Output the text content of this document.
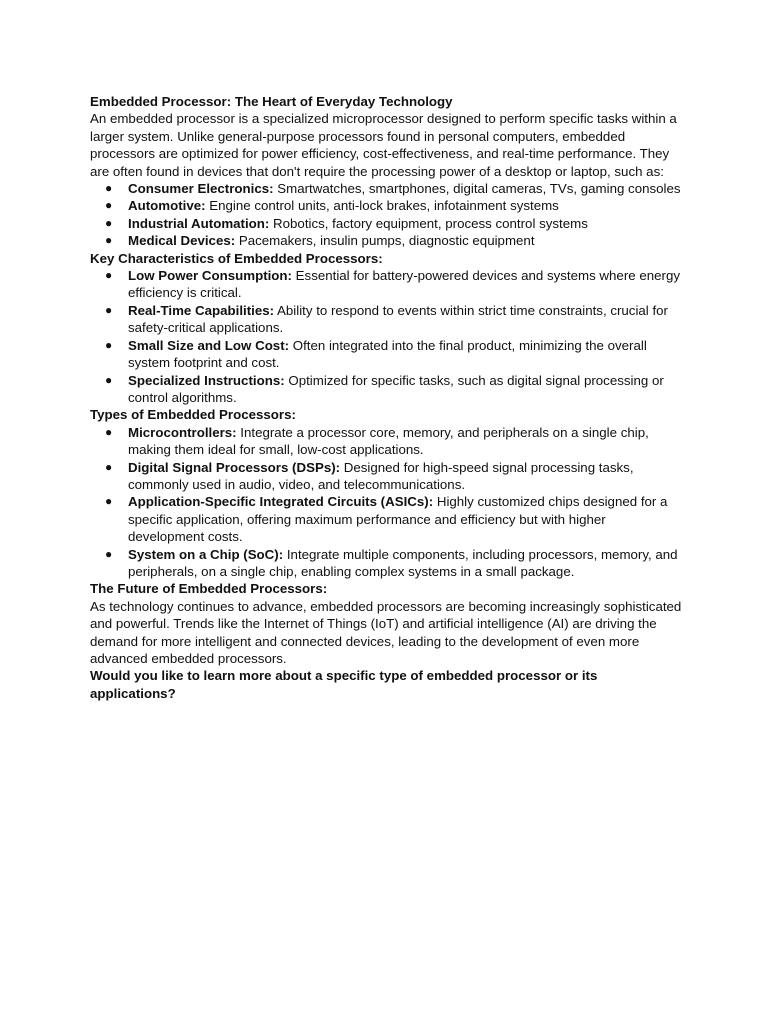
Embedded Processor: The Heart of Everyday Technology

An embedded processor is a specialized microprocessor designed to perform specific tasks within a larger system. Unlike general-purpose processors found in personal computers, embedded processors are optimized for power efficiency, cost-effectiveness, and real-time performance. They are often found in devices that don't require the processing power of a desktop or laptop, such as:

● Consumer Electronics: Smartwatches, smartphones, digital cameras, TVs, gaming consoles
● Automotive: Engine control units, anti-lock brakes, infotainment systems
● Industrial Automation: Robotics, factory equipment, process control systems
● Medical Devices: Pacemakers, insulin pumps, diagnostic equipment

Key Characteristics of Embedded Processors:

● Low Power Consumption: Essential for battery-powered devices and systems where energy efficiency is critical.
● Real-Time Capabilities: Ability to respond to events within strict time constraints, crucial for safety-critical applications.
● Small Size and Low Cost: Often integrated into the final product, minimizing the overall system footprint and cost.
● Specialized Instructions: Optimized for specific tasks, such as digital signal processing or control algorithms.

Types of Embedded Processors:

● Microcontrollers: Integrate a processor core, memory, and peripherals on a single chip, making them ideal for small, low-cost applications.
● Digital Signal Processors (DSPs): Designed for high-speed signal processing tasks, commonly used in audio, video, and telecommunications.
● Application-Specific Integrated Circuits (ASICs): Highly customized chips designed for a specific application, offering maximum performance and efficiency but with higher development costs.
● System on a Chip (SoC): Integrate multiple components, including processors, memory, and peripherals, on a single chip, enabling complex systems in a small package.

The Future of Embedded Processors:

As technology continues to advance, embedded processors are becoming increasingly sophisticated and powerful. Trends like the Internet of Things (IoT) and artificial intelligence (AI) are driving the demand for more intelligent and connected devices, leading to the development of even more advanced embedded processors.

Would you like to learn more about a specific type of embedded processor or its applications?
